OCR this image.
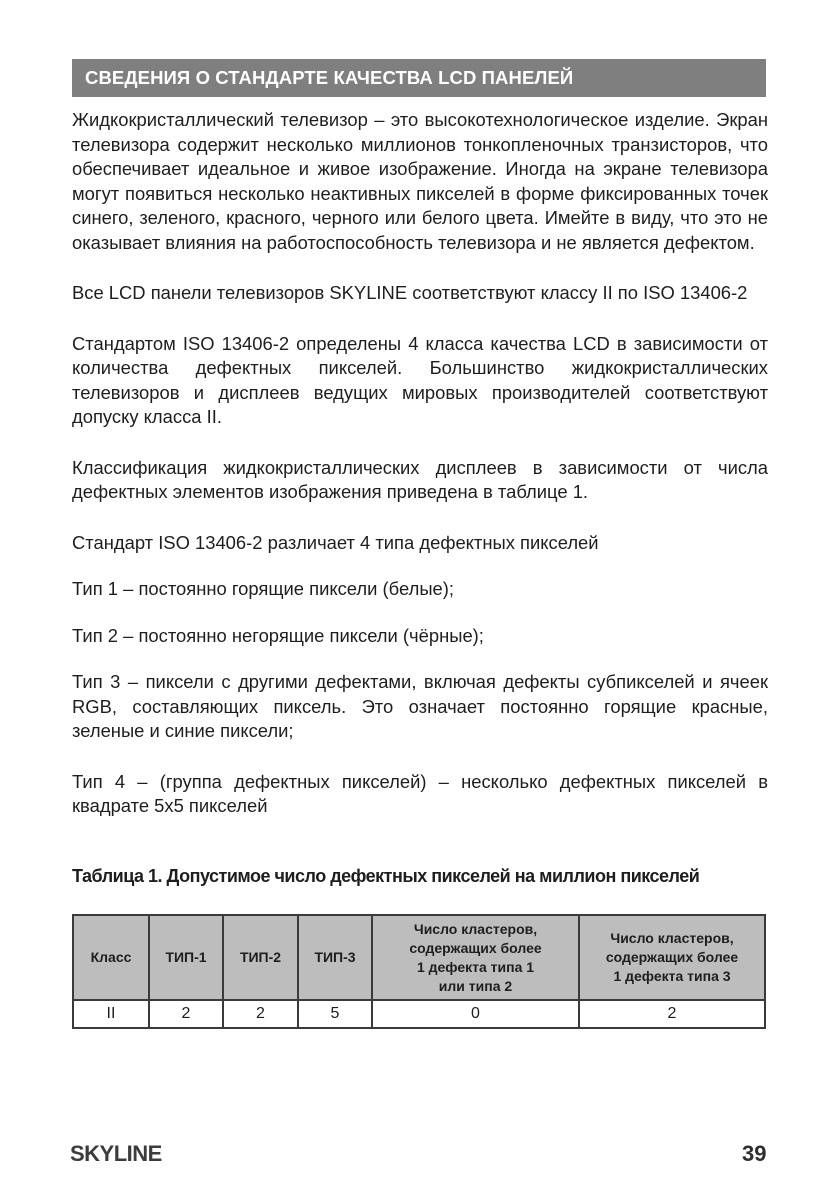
СВЕДЕНИЯ О СТАНДАРТЕ КАЧЕСТВА LCD ПАНЕЛЕЙ

Жидкокристаллический телевизор – это высокотехнологическое изделие. Экран телевизора содержит несколько миллионов тонкопленочных транзисторов, что обеспечивает идеальное и живое изображение. Иногда на экране телевизора могут появиться несколько неактивных пикселей в форме фиксированных точек синего, зеленого, красного, черного или белого цвета. Имейте в виду, что это не оказывает влияния на работоспособность телевизора и не является дефектом.

Все LCD панели телевизоров SKYLINE соответствуют классу II по ISO 13406-2

Стандартом ISO 13406-2 определены 4 класса качества LCD в зависимости от количества дефектных пикселей. Большинство жидкокристаллических телевизоров и дисплеев ведущих мировых производителей соответствуют допуску класса II.

Классификация жидкокристаллических дисплеев в зависимости от числа дефектных элементов изображения приведена в таблице 1.

Стандарт ISO 13406-2 различает 4 типа дефектных пикселей

Тип 1 – постоянно горящие пиксели (белые);

Тип 2 – постоянно негорящие пиксели (чёрные);

Тип 3 – пиксели с другими дефектами, включая дефекты субпикселей и ячеек RGB, составляющих пиксель. Это означает постоянно горящие красные, зеленые и синие пиксели;

Тип 4 – (группа дефектных пикселей) – несколько дефектных пикселей в квадрате 5х5 пикселей

Таблица 1. Допустимое число дефектных пикселей на миллион пикселей
Класс	ТИП-1	ТИП-2	ТИП-3	Число кластеров,
содержащих более
1 дефекта типа 1
или типа 2	Число кластеров,
содержащих более
1 дефекта типа 3
II	2	2	5	0	2
SKYLINE	39
